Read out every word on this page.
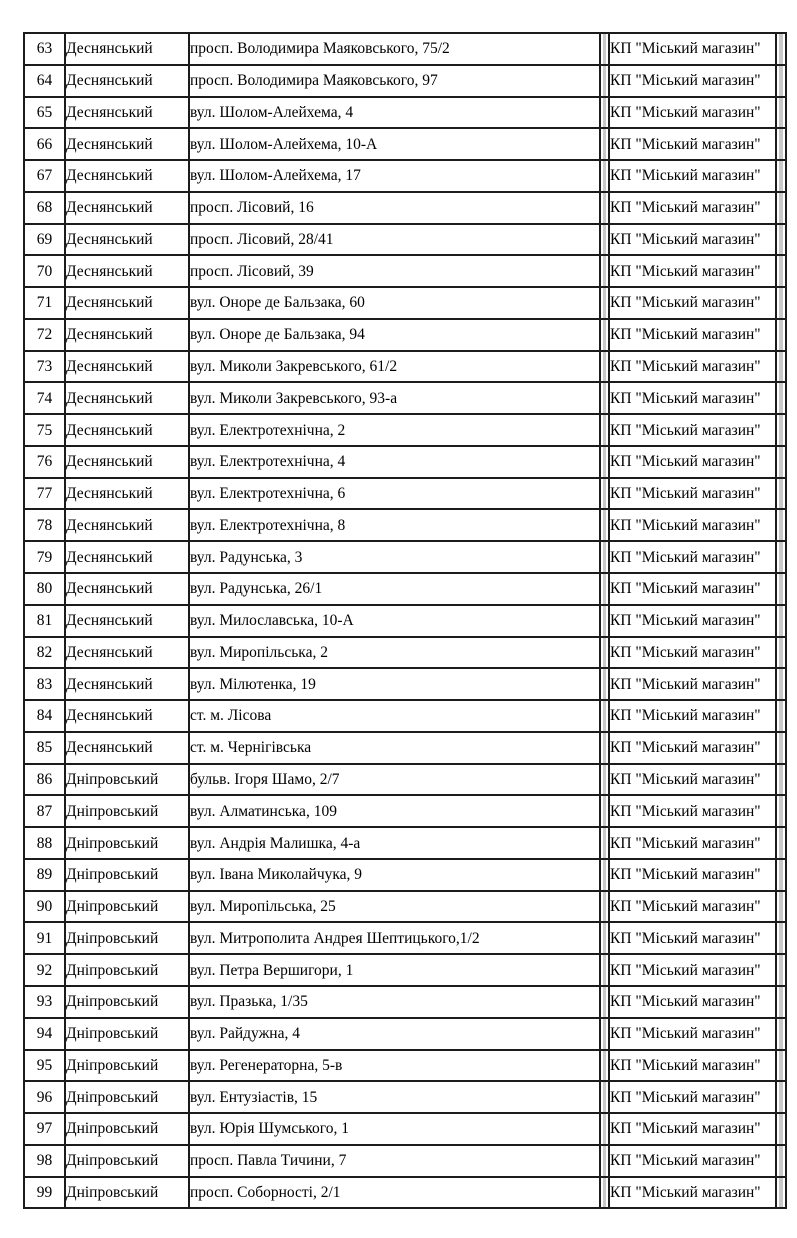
63	Деснянський	просп. Володимира Маяковського, 75/2		КП "Міський магазин"	
64	Деснянський	просп. Володимира Маяковського, 97		КП "Міський магазин"	
65	Деснянський	вул. Шолом-Алейхема, 4		КП "Міський магазин"	
66	Деснянський	вул. Шолом-Алейхема, 10-А		КП "Міський магазин"	
67	Деснянський	вул. Шолом-Алейхема, 17		КП "Міський магазин"	
68	Деснянський	просп. Лісовий, 16		КП "Міський магазин"	
69	Деснянський	просп. Лісовий, 28/41		КП "Міський магазин"	
70	Деснянський	просп. Лісовий, 39		КП "Міський магазин"	
71	Деснянський	вул. Оноре де Бальзака, 60		КП "Міський магазин"	
72	Деснянський	вул. Оноре де Бальзака, 94		КП "Міський магазин"	
73	Деснянський	вул. Миколи Закревського, 61/2		КП "Міський магазин"	
74	Деснянський	вул. Миколи Закревського, 93-а		КП "Міський магазин"	
75	Деснянський	вул. Електротехнічна, 2		КП "Міський магазин"	
76	Деснянський	вул. Електротехнічна, 4		КП "Міський магазин"	
77	Деснянський	вул. Електротехнічна, 6		КП "Міський магазин"	
78	Деснянський	вул. Електротехнічна, 8		КП "Міський магазин"	
79	Деснянський	вул. Радунська, 3		КП "Міський магазин"	
80	Деснянський	вул. Радунська, 26/1		КП "Міський магазин"	
81	Деснянський	вул. Милославська, 10-А		КП "Міський магазин"	
82	Деснянський	вул. Миропільська, 2		КП "Міський магазин"	
83	Деснянський	вул. Мілютенка, 19		КП "Міський магазин"	
84	Деснянський	ст. м. Лісова		КП "Міський магазин"	
85	Деснянський	ст. м. Чернігівська		КП "Міський магазин"	
86	Дніпровський	бульв. Ігоря Шамо, 2/7		КП "Міський магазин"	
87	Дніпровський	вул. Алматинська, 109		КП "Міський магазин"	
88	Дніпровський	вул. Андрія Малишка, 4-а		КП "Міський магазин"	
89	Дніпровський	вул. Івана Миколайчука, 9		КП "Міський магазин"	
90	Дніпровський	вул. Миропільська, 25		КП "Міський магазин"	
91	Дніпровський	вул. Митрополита Андрея Шептицького,1/2		КП "Міський магазин"	
92	Дніпровський	вул. Петра Вершигори, 1		КП "Міський магазин"	
93	Дніпровський	вул. Празька, 1/35		КП "Міський магазин"	
94	Дніпровський	вул. Райдужна, 4		КП "Міський магазин"	
95	Дніпровський	вул. Регенераторна, 5-в		КП "Міський магазин"	
96	Дніпровський	вул. Ентузіастів, 15		КП "Міський магазин"	
97	Дніпровський	вул. Юрія Шумського, 1		КП "Міський магазин"	
98	Дніпровський	просп. Павла Тичини, 7		КП "Міський магазин"	
99	Дніпровський	просп. Соборності, 2/1		КП "Міський магазин"	
